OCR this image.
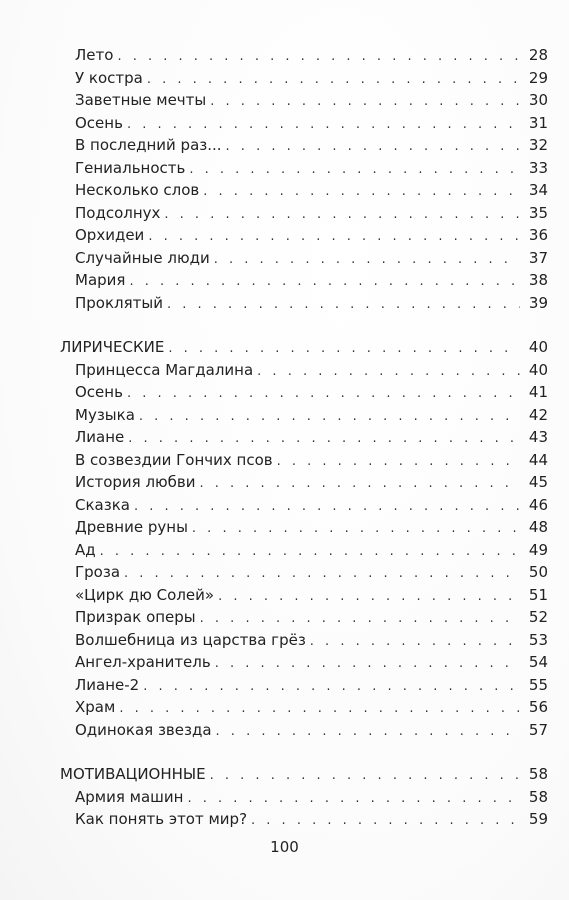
Лето . . .	28
У костра . . .	29
Заветные мечты . . .	30
Осень . . .	31
В последний раз... . . .	32
Гениальность . . .	33
Несколько слов . . .	34
Подсолнух . . .	35
Орхидеи . . .	36
Случайные люди . . .	37
Мария . . .	38
Проклятый . . .	39
ЛИРИЧЕСКИЕ . . .	40
Принцесса Магдалина . . .	40
Осень . . .	41
Музыка . . .	42
Лиане . . .	43
В созвездии Гончих псов . . .	44
История любви . . .	45
Сказка . . .	46
Древние руны . . .	48
Ад . . .	49
Гроза . . .	50
«Цирк дю Солей» . . .	51
Призрак оперы . . .	52
Волшебница из царства грёз . . .	53
Ангел-хранитель . . .	54
Лиане-2 . . .	55
Храм . . .	56
Одинокая звезда . . .	57
МОТИВАЦИОННЫЕ . . .	58
Армия машин . . .	58
Как понять этот мир? . . .	59
100
